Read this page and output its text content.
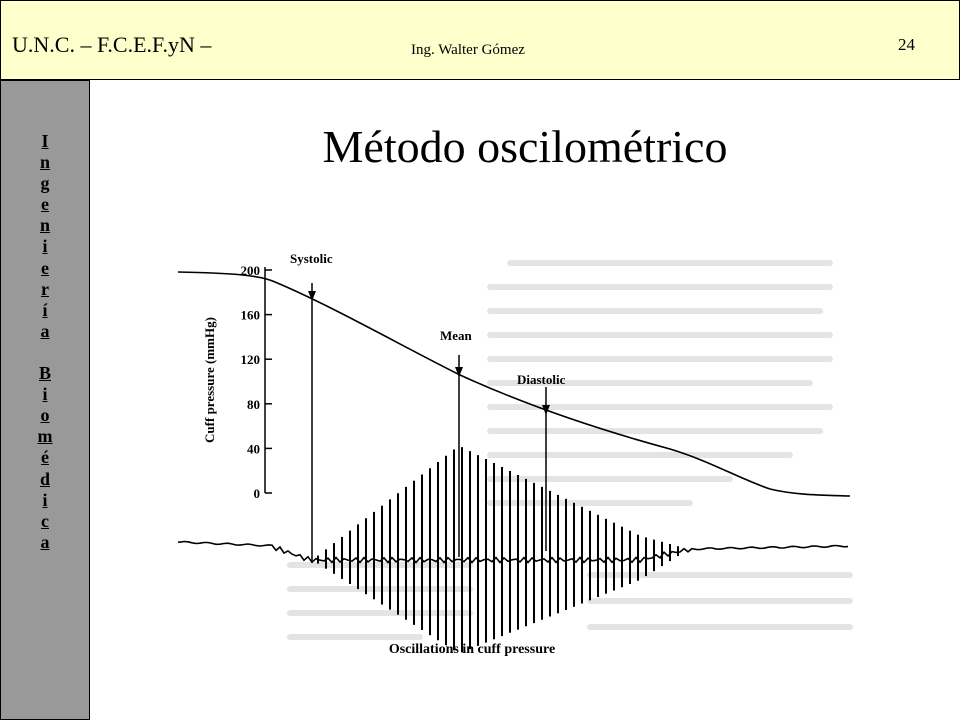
U.N.C. – F.C.E.F.yN –	Ing. Walter Gómez	24
I
n
g
e
n
i
e
r
í
a
B
i
o
m
é
d
i
c
a
Método oscilométrico
200
160
120
80
40
0
Cuff pressure (mmHg)
Systolic
Mean
Diastolic
Oscillations in cuff pressure
